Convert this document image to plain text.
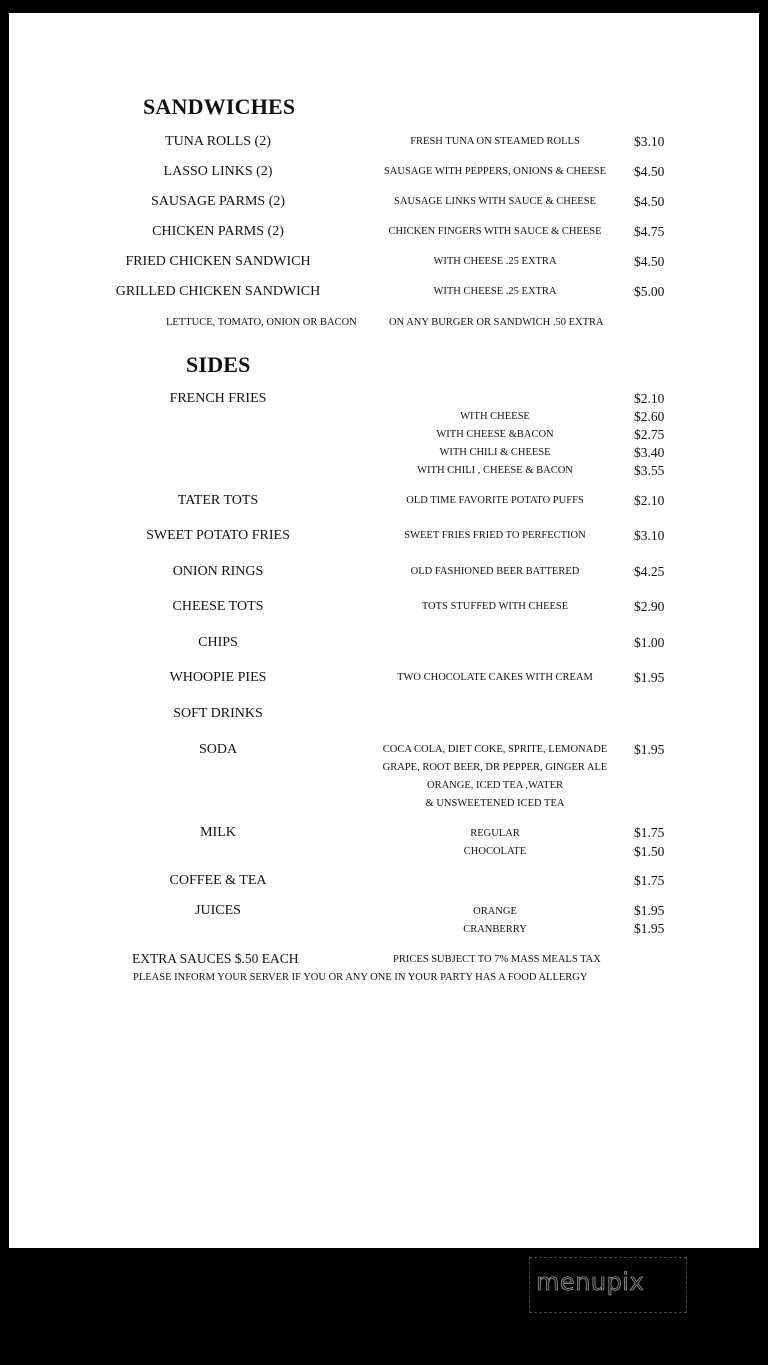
SANDWICHES
TUNA ROLLS (2)	FRESH TUNA ON STEAMED ROLLS	$3.10
LASSO LINKS (2)	SAUSAGE WITH PEPPERS, ONIONS & CHEESE	$4.50
SAUSAGE PARMS (2)	SAUSAGE LINKS WITH SAUCE & CHEESE	$4.50
CHICKEN PARMS (2)	CHICKEN FINGERS WITH SAUCE & CHEESE	$4.75
FRIED CHICKEN SANDWICH	WITH CHEESE .25 EXTRA	$4.50
GRILLED CHICKEN SANDWICH	WITH CHEESE .25 EXTRA	$5.00
LETTUCE, TOMATO, ONION OR BACON	ON ANY BURGER OR SANDWICH .50 EXTRA
SIDES
FRENCH FRIES	$2.10
WITH CHEESE	$2.60
WITH CHEESE &BACON	$2.75
WITH CHILI & CHEESE	$3.40
WITH CHILI , CHEESE & BACON	$3.55
TATER TOTS	OLD TIME FAVORITE POTATO PUFFS	$2.10
SWEET POTATO FRIES	SWEET FRIES FRIED TO PERFECTION	$3.10
ONION RINGS	OLD FASHIONED BEER BATTERED	$4.25
CHEESE TOTS	TOTS STUFFED WITH CHEESE	$2.90
CHIPS	$1.00
WHOOPIE PIES	TWO CHOCOLATE CAKES WITH CREAM	$1.95
SOFT DRINKS
SODA	$1.95
COCA COLA, DIET COKE, SPRITE, LEMONADE
GRAPE, ROOT BEER, DR PEPPER, GINGER ALE
ORANGE, ICED TEA ,WATER
& UNSWEETENED ICED TEA
MILK	REGULAR	$1.75
CHOCOLATE	$1.50
COFFEE & TEA	$1.75
JUICES	ORANGE	$1.95
CRANBERRY	$1.95
EXTRA SAUCES $.50 EACH	PRICES SUBJECT TO 7% MASS MEALS TAX
PLEASE INFORM YOUR SERVER IF YOU OR ANY ONE IN YOUR PARTY HAS A FOOD ALLERGY
menupix
